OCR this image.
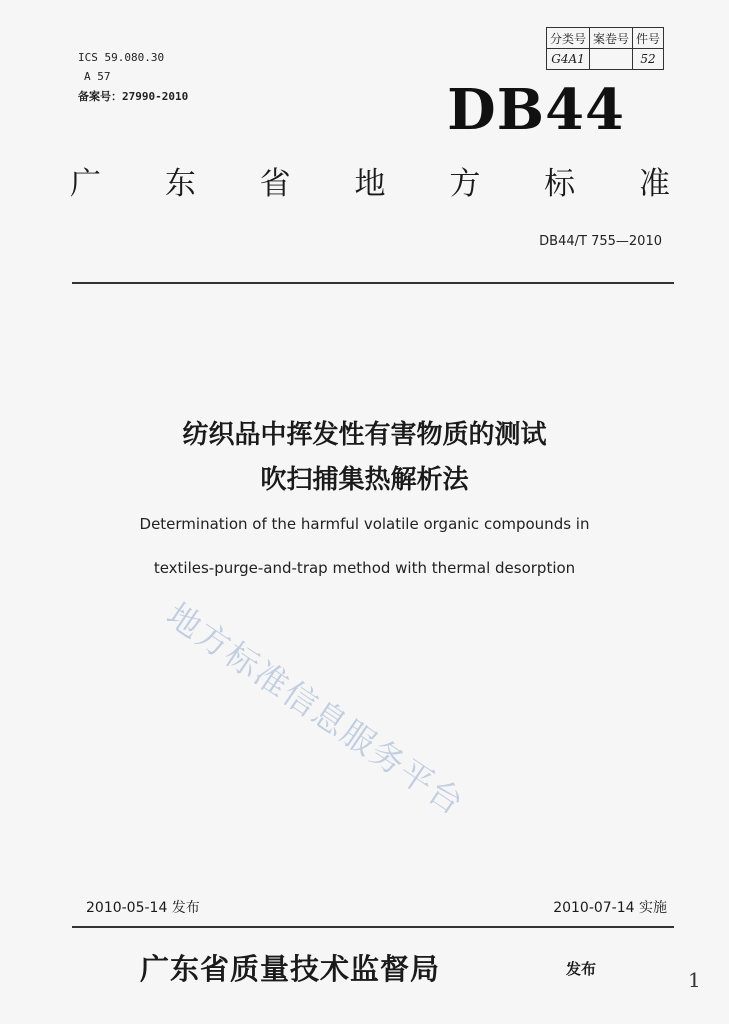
ICS 59.080.30
A 57
备案号：27990-2010
分类号	案卷号	件号
G4A1		52
DB44
广 东 省 地 方 标 准
DB44/T 755—2010
纺织品中挥发性有害物质的测试
吹扫捕集热解析法
Determination of the harmful volatile organic compounds in
textiles-purge-and-trap method with thermal desorption
地方标准信息服务平台
2010-05-14 发布	2010-07-14 实施
广东省质量技术监督局	发布	1
